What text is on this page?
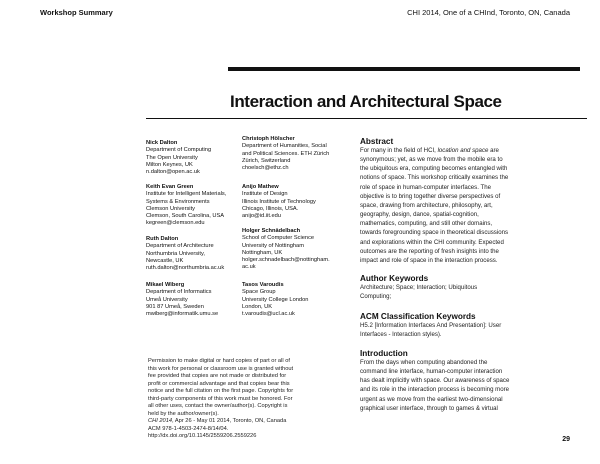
Workshop Summary	CHI 2014, One of a CHInd, Toronto, ON, Canada
Interaction and Architectural Space
Nick Dalton
Department of Computing
The Open University
Milton Keynes, UK
n.dalton@open.ac.uk
Christoph Hölscher
Department of Humanities, Social
and Political Sciences. ETH Zürich
Zürich, Switzerland
choelsch@ethz.ch
Keith Evan Green
Institute for Intelligent Materials,
Systems & Environments
Clemson University
Clemson, South Carolina, USA
kegreen@clemson.edu
Anijo Mathew
Institute of Design
Illinois Institute of Technology
Chicago, Illinois, USA.
anijo@id.iit.edu
Ruth Dalton
Department of Architecture
Northumbria University,
Newcastle, UK
ruth.dalton@northumbria.ac.uk
Holger Schnädelbach
School of Computer Science
University of Nottingham
Nottingham, UK
holger.schnadelbach@nottingham.
ac.uk
Mikael Wiberg
Department of Informatics
Umeå University
901 87 Umeå, Sweden
mwiberg@informatik.umu.se
Tasos Varoudis
Space Group
University College London
London, UK
t.varoudis@ucl.ac.uk
Permission to make digital or hard copies of part or all of
this work for personal or classroom use is granted without
fee provided that copies are not made or distributed for
profit or commercial advantage and that copies bear this
notice and the full citation on the first page. Copyrights for
third-party components of this work must be honored. For
all other uses, contact the owner/author(s). Copyright is
held by the author/owner(s).
CHI 2014, Apr 26 - May 01 2014, Toronto, ON, Canada
ACM 978-1-4503-2474-8/14/04.
http://dx.doi.org/10.1145/2559206.2559226
Abstract
For many in the field of HCI, location and space are
synonymous; yet, as we move from the mobile era to
the ubiquitous era, computing becomes entangled with
notions of space. This workshop critically examines the
role of space in human-computer interfaces. The
objective is to bring together diverse perspectives of
space, drawing from architecture, philosophy, art,
geography, design, dance, spatial-cognition,
mathematics, computing, and still other domains,
towards foregrounding space in theoretical discussions
and explorations within the CHI community. Expected
outcomes are the reporting of fresh insights into the
impact and role of space in the interaction process.
Author Keywords
Architecture; Space; Interaction; Ubiquitous
Computing;
ACM Classification Keywords
H5.2 [Information Interfaces And Presentation]: User
Interfaces - Interaction styles).
Introduction
From the days when computing abandoned the
command line interface, human-computer interaction
has dealt implicitly with space. Our awareness of space
and its role in the interaction process is becoming more
urgent as we move from the earliest two-dimensional
graphical user interface, through to games & virtual
29
